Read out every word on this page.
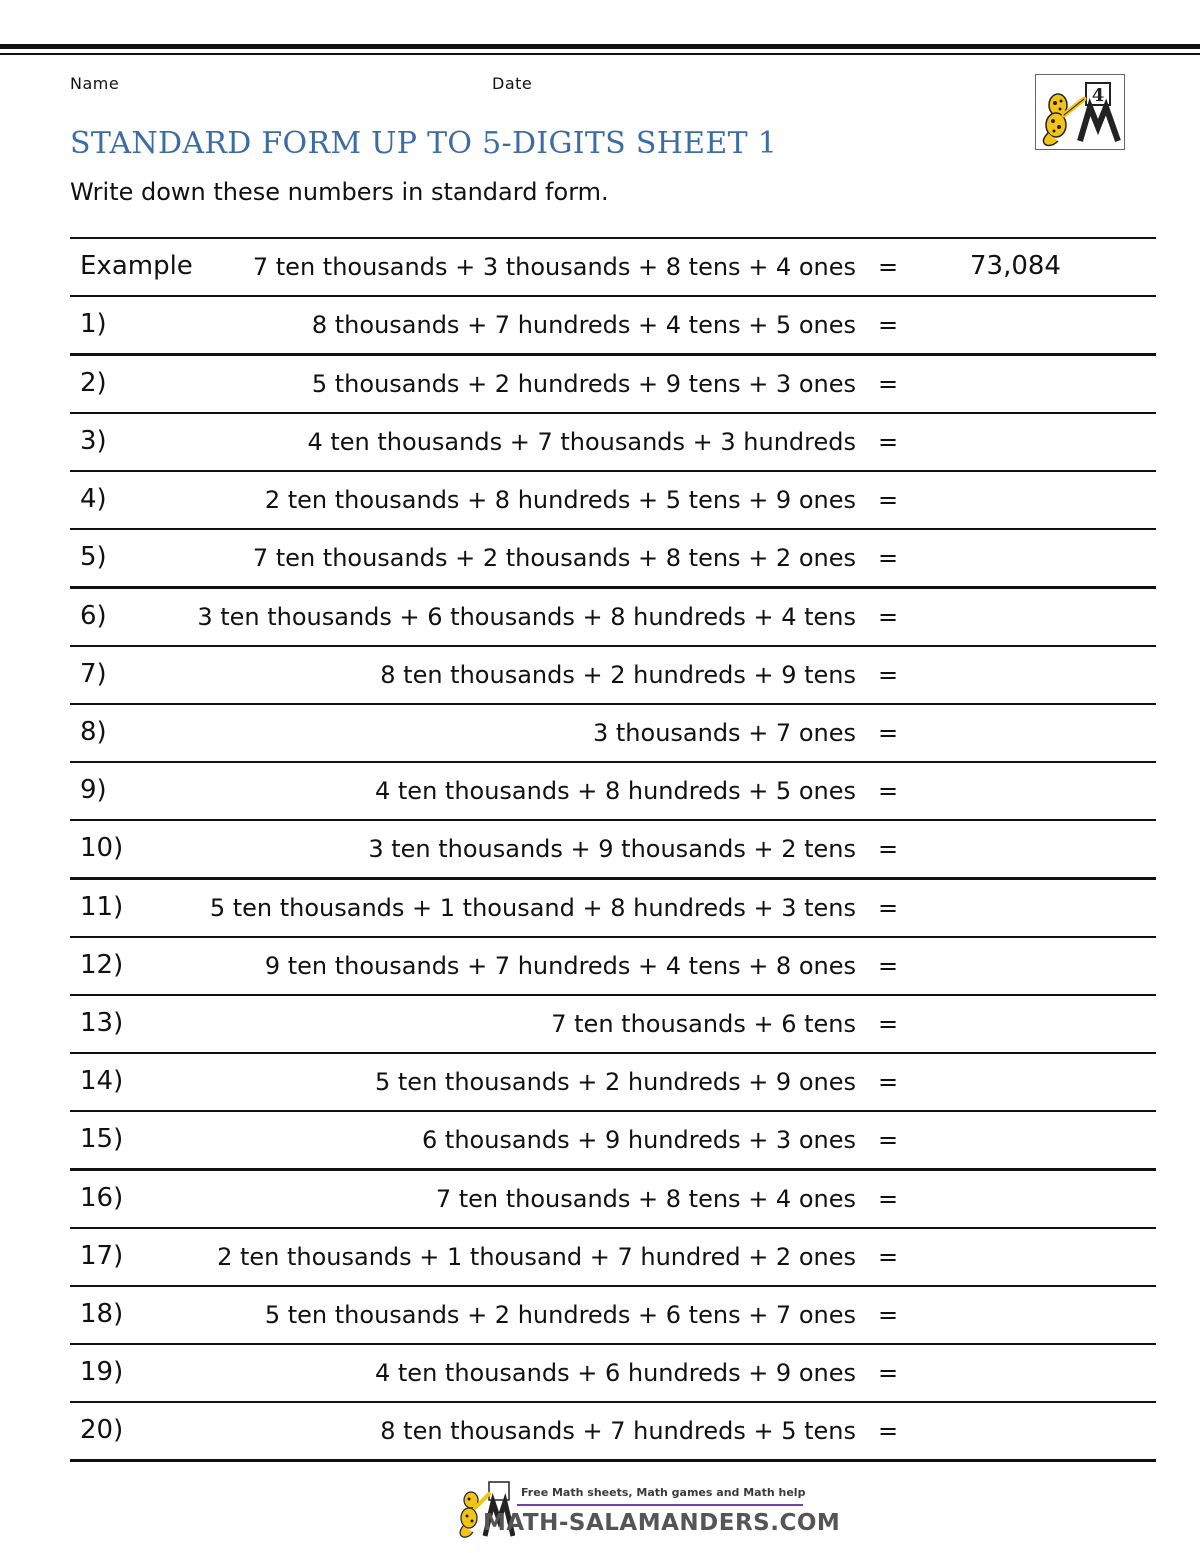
Name	Date
4
STANDARD FORM UP TO 5-DIGITS SHEET 1
Write down these numbers in standard form.
Example	7 ten thousands + 3 thousands + 8 tens + 4 ones =	73,084
1)	8 thousands + 7 hundreds + 4 tens + 5 ones =
2)	5 thousands + 2 hundreds + 9 tens + 3 ones =
3)	4 ten thousands + 7 thousands + 3 hundreds =
4)	2 ten thousands + 8 hundreds + 5 tens + 9 ones =
5)	7 ten thousands + 2 thousands + 8 tens + 2 ones =
6)	3 ten thousands + 6 thousands + 8 hundreds + 4 tens =
7)	8 ten thousands + 2 hundreds + 9 tens =
8)	3 thousands + 7 ones =
9)	4 ten thousands + 8 hundreds + 5 ones =
10)	3 ten thousands + 9 thousands + 2 tens =
11)	5 ten thousands + 1 thousand + 8 hundreds + 3 tens =
12)	9 ten thousands + 7 hundreds + 4 tens + 8 ones =
13)	7 ten thousands + 6 tens =
14)	5 ten thousands + 2 hundreds + 9 ones =
15)	6 thousands + 9 hundreds + 3 ones =
16)	7 ten thousands + 8 tens + 4 ones =
17)	2 ten thousands + 1 thousand + 7 hundred + 2 ones =
18)	5 ten thousands + 2 hundreds + 6 tens + 7 ones =
19)	4 ten thousands + 6 hundreds + 9 ones =
20)	8 ten thousands + 7 hundreds + 5 tens =
Free Math sheets, Math games and Math help
MATH-SALAMANDERS.COM
